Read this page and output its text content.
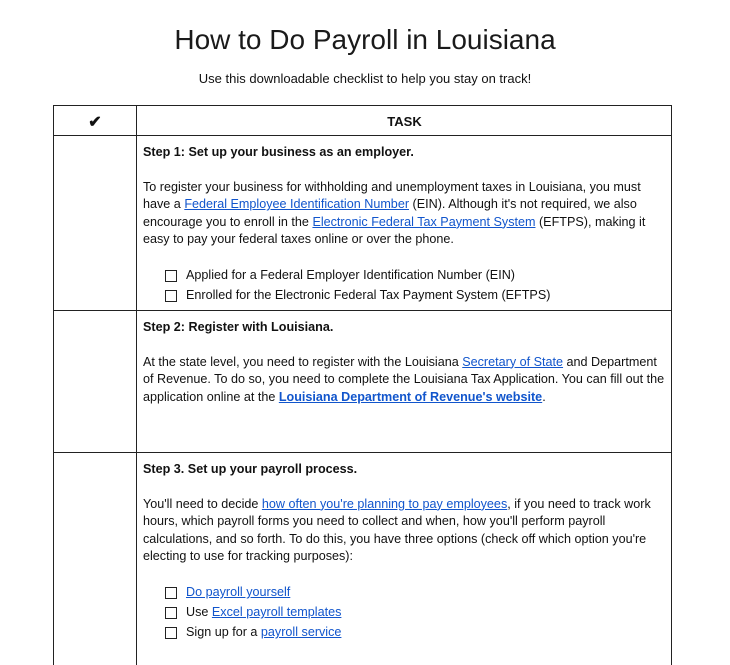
How to Do Payroll in Louisiana
Use this downloadable checklist to help you stay on track!
✔	TASK

Step 1: Set up your business as an employer.

To register your business for withholding and unemployment taxes in Louisiana, you must have a Federal Employee Identification Number (EIN). Although it's not required, we also encourage you to enroll in the Electronic Federal Tax Payment System (EFTPS), making it easy to pay your federal taxes online or over the phone.

Applied for a Federal Employer Identification Number (EIN)
Enrolled for the Electronic Federal Tax Payment System (EFTPS)

Step 2: Register with Louisiana.

At the state level, you need to register with the Louisiana Secretary of State and Department of Revenue. To do so, you need to complete the Louisiana Tax Application. You can fill out the application online at the Louisiana Department of Revenue's website.

Step 3. Set up your payroll process.

You'll need to decide how often you're planning to pay employees, if you need to track work hours, which payroll forms you need to collect and when, how you'll perform payroll calculations, and so forth. To do this, you have three options (check off which option you're electing to use for tracking purposes):

Do payroll yourself
Use Excel payroll templates
Sign up for a payroll service
